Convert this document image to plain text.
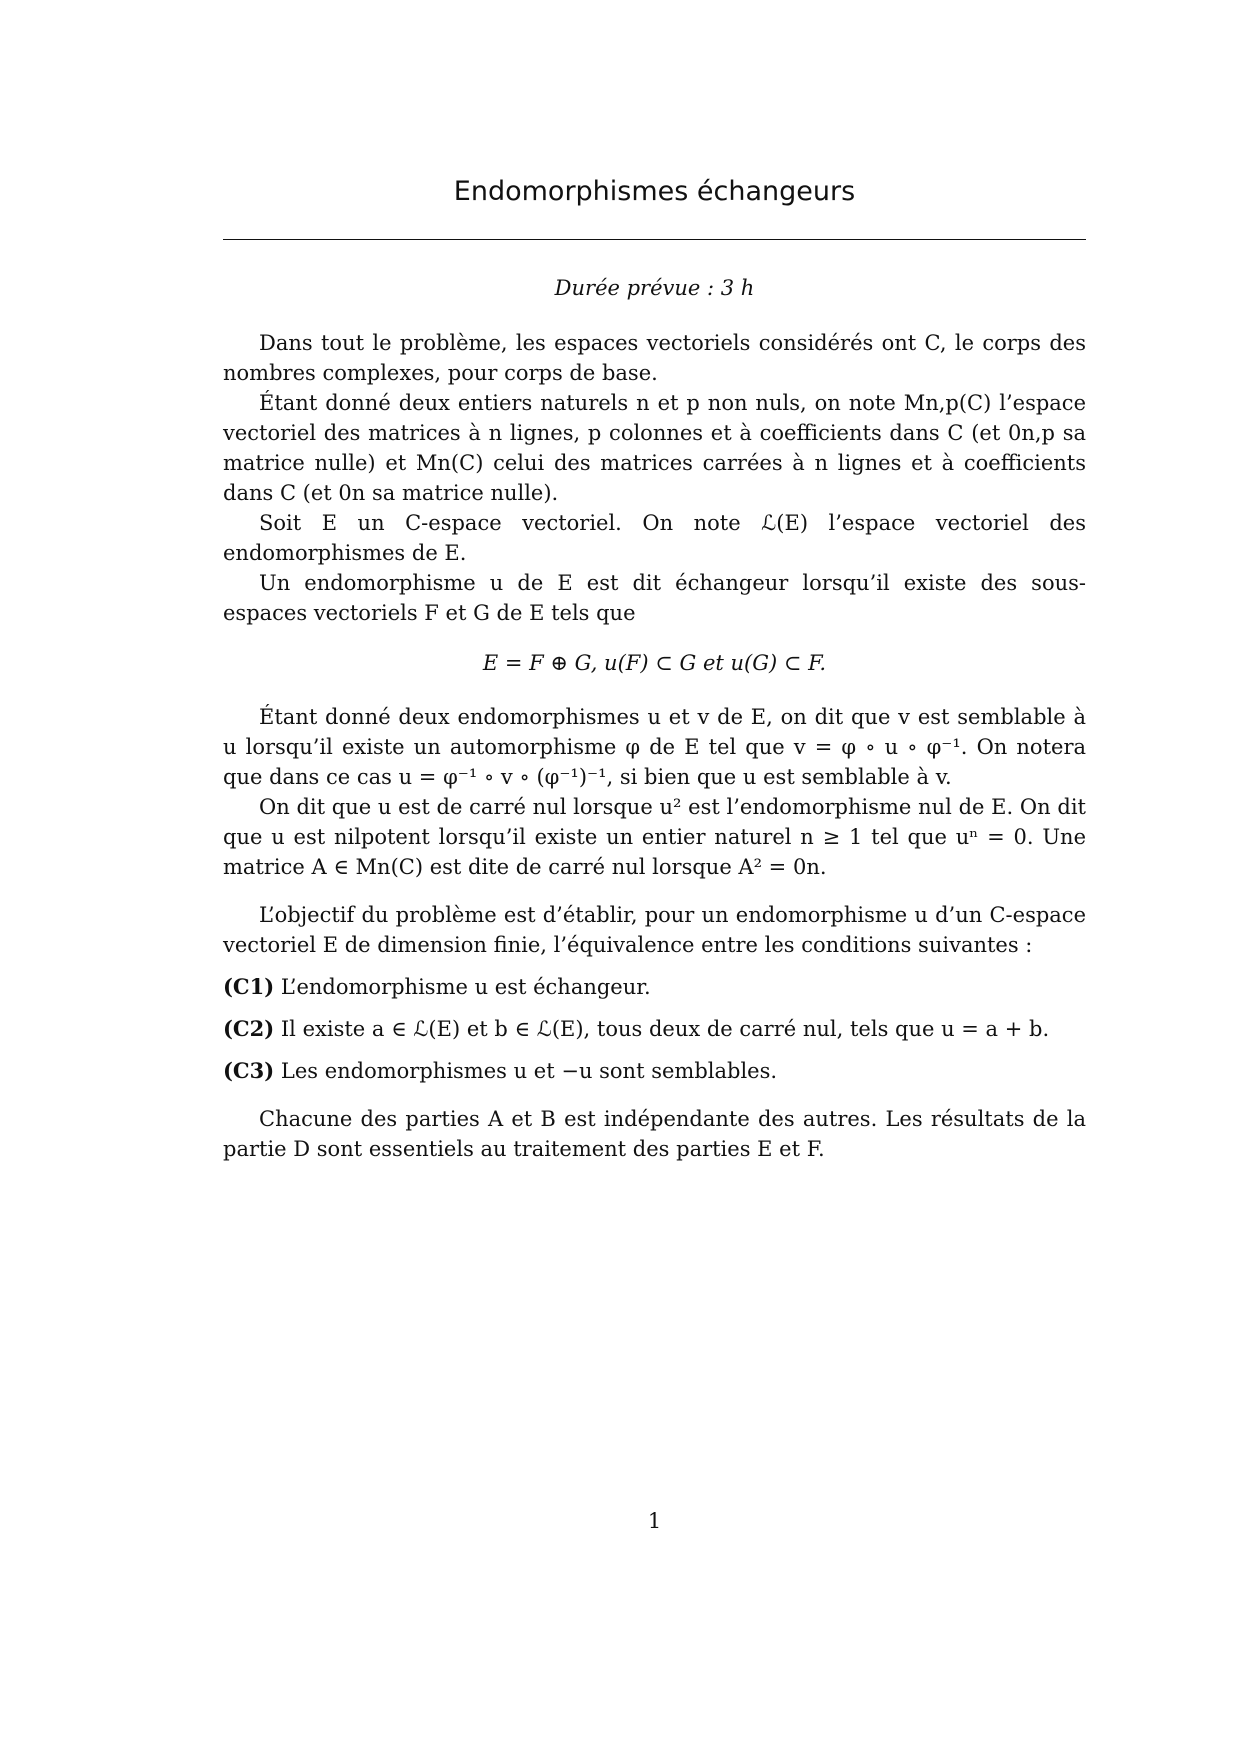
Endomorphismes échangeurs
Durée prévue : 3 h

Dans tout le problème, les espaces vectoriels considérés ont C, le corps des nombres complexes, pour corps de base.

Étant donné deux entiers naturels n et p non nuls, on note Mn,p(C) l’espace vectoriel des matrices à n lignes, p colonnes et à coefficients dans C (et 0n,p sa matrice nulle) et Mn(C) celui des matrices carrées à n lignes et à coefficients dans C (et 0n sa matrice nulle).

Soit E un C-espace vectoriel. On note ℒ(E) l’espace vectoriel des endomorphismes de E.

Un endomorphisme u de E est dit échangeur lorsqu’il existe des sous-espaces vectoriels F et G de E tels que

E = F ⊕ G, u(F) ⊂ G et u(G) ⊂ F.

Étant donné deux endomorphismes u et v de E, on dit que v est semblable à u lorsqu’il existe un automorphisme φ de E tel que v = φ ∘ u ∘ φ⁻¹. On notera que dans ce cas u = φ⁻¹ ∘ v ∘ (φ⁻¹)⁻¹, si bien que u est semblable à v.

On dit que u est de carré nul lorsque u² est l’endomorphisme nul de E. On dit que u est nilpotent lorsqu’il existe un entier naturel n ≥ 1 tel que uⁿ = 0. Une matrice A ∈ Mn(C) est dite de carré nul lorsque A² = 0n.

L’objectif du problème est d’établir, pour un endomorphisme u d’un C-espace vectoriel E de dimension finie, l’équivalence entre les conditions suivantes :

(C1) L’endomorphisme u est échangeur.

(C2) Il existe a ∈ ℒ(E) et b ∈ ℒ(E), tous deux de carré nul, tels que u = a + b.

(C3) Les endomorphismes u et −u sont semblables.

Chacune des parties A et B est indépendante des autres. Les résultats de la partie D sont essentiels au traitement des parties E et F.

1
